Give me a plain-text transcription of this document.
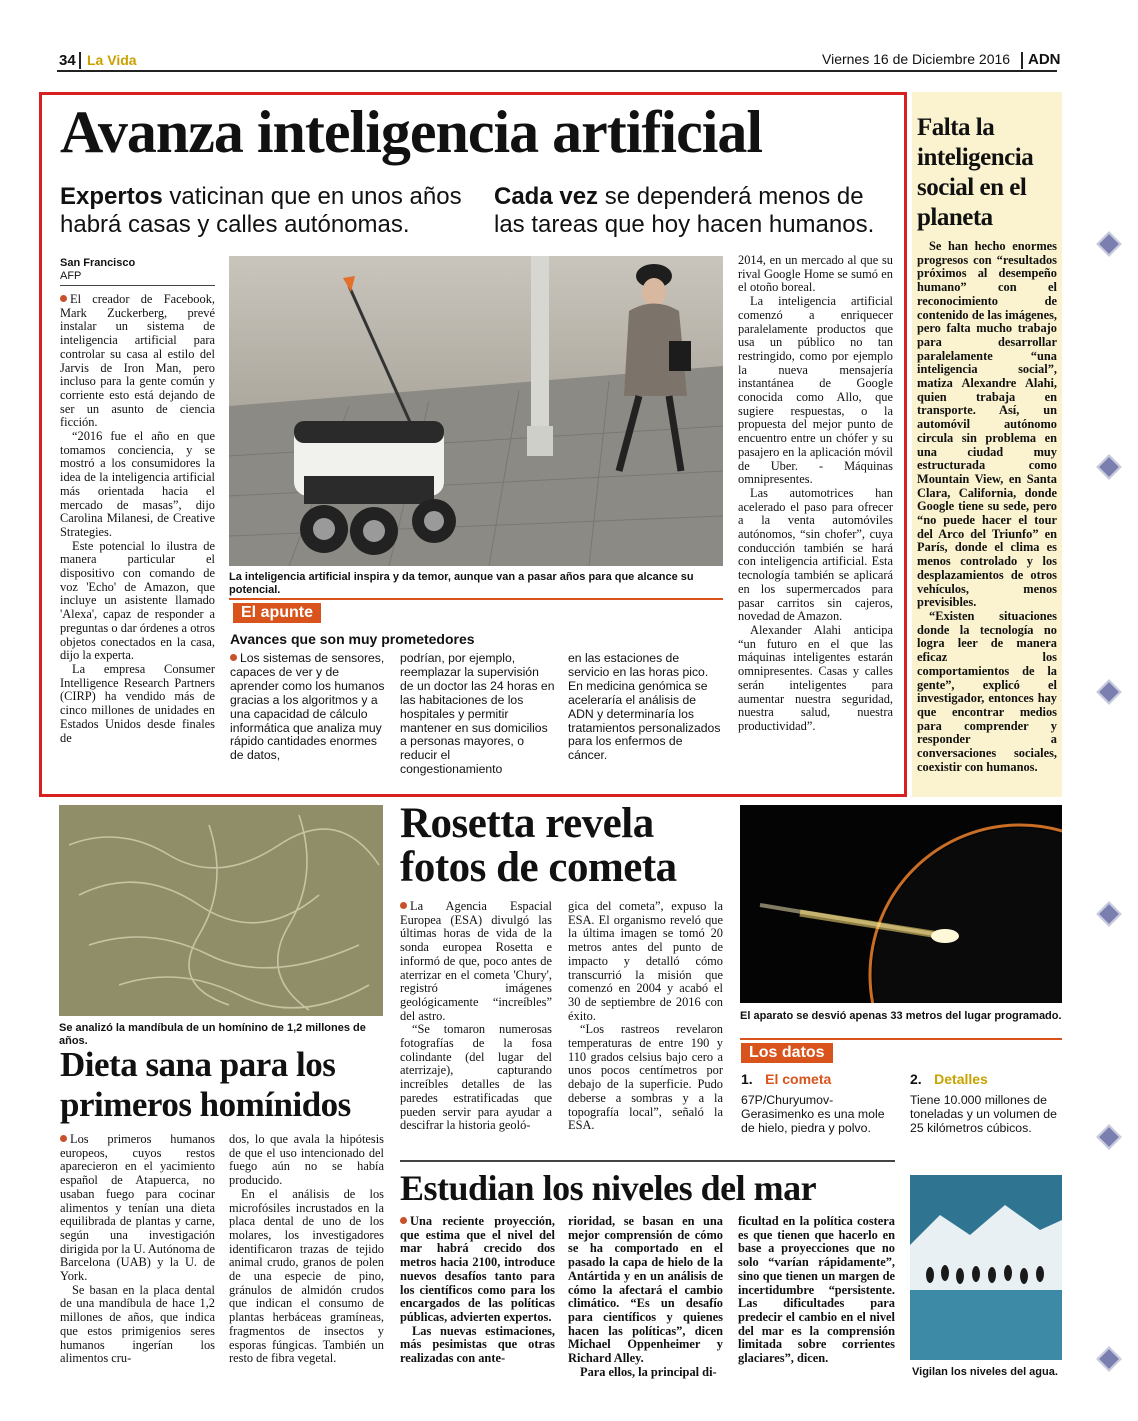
34 La Vida	Viernes 16 de Diciembre 2016 ADN
Avanza inteligencia artificial
Expertos vaticinan que en unos años habrá casas y calles autónomas.
Cada vez se dependerá menos de las tareas que hoy hacen humanos.
San Francisco
AFP

El creador de Facebook, Mark Zuckerberg, prevé instalar un sistema de inteligencia artificial para controlar su casa al estilo del Jarvis de Iron Man, pero incluso para la gente común y corriente esto está dejando de ser un asunto de ciencia ficción.

“2016 fue el año en que tomamos conciencia, y se mostró a los consumidores la idea de la inteligencia artificial más orientada hacia el mercado de masas”, dijo Carolina Milanesi, de Creative Strategies.

Este potencial lo ilustra de manera particular el dispositivo con comando de voz 'Echo' de Amazon, que incluye un asistente llamado 'Alexa', capaz de responder a preguntas o dar órdenes a otros objetos conectados en la casa, dijo la experta.

La empresa Consumer Intelligence Research Partners (CIRP) ha vendido más de cinco millones de unidades en Estados Unidos desde finales de

La inteligencia artificial inspira y da temor, aunque van a pasar años para que alcance su potencial.
El apunte
Avances que son muy prometedores
Los sistemas de sensores, capaces de ver y de aprender como los humanos gracias a los algoritmos y a una capacidad de cálculo informática que analiza muy rápido cantidades enormes de datos,
podrían, por ejemplo, reemplazar la supervisión de un doctor las 24 horas en las habitaciones de los hospitales y permitir mantener en sus domicilios a personas mayores, o reducir el congestionamiento
en las estaciones de servicio en las horas pico. En medicina genómica se aceleraría el análisis de ADN y determinaría los tratamientos personalizados para los enfermos de cáncer.

2014, en un mercado al que su rival Google Home se sumó en el otoño boreal.

La inteligencia artificial comenzó a enriquecer paralelamente productos que usa un público no tan restringido, como por ejemplo la nueva mensajería instantánea de Google conocida como Allo, que sugiere respuestas, o la propuesta del mejor punto de encuentro entre un chófer y su pasajero en la aplicación móvil de Uber. - Máquinas omnipresentes.

Las automotrices han acelerado el paso para ofrecer a la venta automóviles autónomos, “sin chofer”, cuya conducción también se hará con inteligencia artificial. Esta tecnología también se aplicará en los supermercados para pasar carritos sin cajeros, novedad de Amazon.

Alexander Alahi anticipa “un futuro en el que las máquinas inteligentes estarán omnipresentes. Casas y calles serán inteligentes para aumentar nuestra seguridad, nuestra salud, nuestra productividad”.

Falta la inteligencia social en el planeta

Se han hecho enormes progresos con “resultados próximos al desempeño humano” con el reconocimiento de contenido de las imágenes, pero falta mucho trabajo para desarrollar paralelamente “una inteligencia social”, matiza Alexandre Alahi, quien trabaja en transporte. Así, un automóvil autónomo circula sin problema en una ciudad muy estructurada como Mountain View, en Santa Clara, California, donde Google tiene su sede, pero “no puede hacer el tour del Arco del Triunfo” en París, donde el clima es menos controlado y los desplazamientos de otros vehículos, menos previsibles.

“Existen situaciones donde la tecnología no logra leer de manera eficaz los comportamientos de la gente”, explicó el investigador, entonces hay que encontrar medios para comprender y responder a conversaciones sociales, coexistir con humanos.

Se analizó la mandíbula de un homínino de 1,2 millones de años.
Rosetta revela fotos de cometa

La Agencia Espacial Europea (ESA) divulgó las últimas horas de vida de la sonda europea Rosetta e informó de que, poco antes de aterrizar en el cometa 'Chury', registró imágenes geológicamente “increíbles” del astro.

“Se tomaron numerosas fotografías de la fosa colindante (del lugar del aterrizaje), capturando increíbles detalles de las paredes estratificadas que pueden servir para ayudar a descifrar la historia geoló-

gica del cometa”, expuso la ESA. El organismo reveló que la última imagen se tomó 20 metros antes del punto de impacto y detalló cómo transcurrió la misión que comenzó en 2004 y acabó el 30 de septiembre de 2016 con éxito.

“Los rastreos revelaron temperaturas de entre 190 y 110 grados celsius bajo cero a unos pocos centímetros por debajo de la superficie. Pudo deberse a sombras y a la topografía local”, señaló la ESA.

El aparato se desvió apenas 33 metros del lugar programado.
Los datos
1. El cometa
67P/Churyumov-Gerasimenko es una mole de hielo, piedra y polvo.
2. Detalles
Tiene 10.000 millones de toneladas y un volumen de 25 kilómetros cúbicos.
Dieta sana para los primeros homínidos

Los primeros humanos europeos, cuyos restos aparecieron en el yacimiento español de Atapuerca, no usaban fuego para cocinar alimentos y tenían una dieta equilibrada de plantas y carne, según una investigación dirigida por la U. Autónoma de Barcelona (UAB) y la U. de York.

Se basan en la placa dental de una mandíbula de hace 1,2 millones de años, que indica que estos primigenios seres humanos ingerían los alimentos cru-

dos, lo que avala la hipótesis de que el uso intencionado del fuego aún no se había producido.

En el análisis de los microfósiles incrustados en la placa dental de uno de los molares, los investigadores identificaron trazas de tejido animal crudo, granos de polen de una especie de pino, gránulos de almidón crudos que indican el consumo de plantas herbáceas gramíneas, fragmentos de insectos y esporas fúngicas. También un resto de fibra vegetal.

Estudian los niveles del mar

Una reciente proyección, que estima que el nivel del mar habrá crecido dos metros hacia 2100, introduce nuevos desafíos tanto para los científicos como para los encargados de las políticas públicas, advierten expertos.

Las nuevas estimaciones, más pesimistas que otras realizadas con ante-

rioridad, se basan en una mejor comprensión de cómo se ha comportado en el pasado la capa de hielo de la Antártida y en un análisis de cómo la afectará el cambio climático. “Es un desafío para científicos y quienes hacen las políticas”, dicen Michael Oppenheimer y Richard Alley.

Para ellos, la principal di-

ficultad en la política costera es que tienen que hacerlo en base a proyecciones que no solo “varían rápidamente”, sino que tienen un margen de incertidumbre “persistente. Las dificultades para predecir el cambio en el nivel del mar es la comprensión limitada sobre corrientes glaciares”, dicen.

Vigilan los niveles del agua.
